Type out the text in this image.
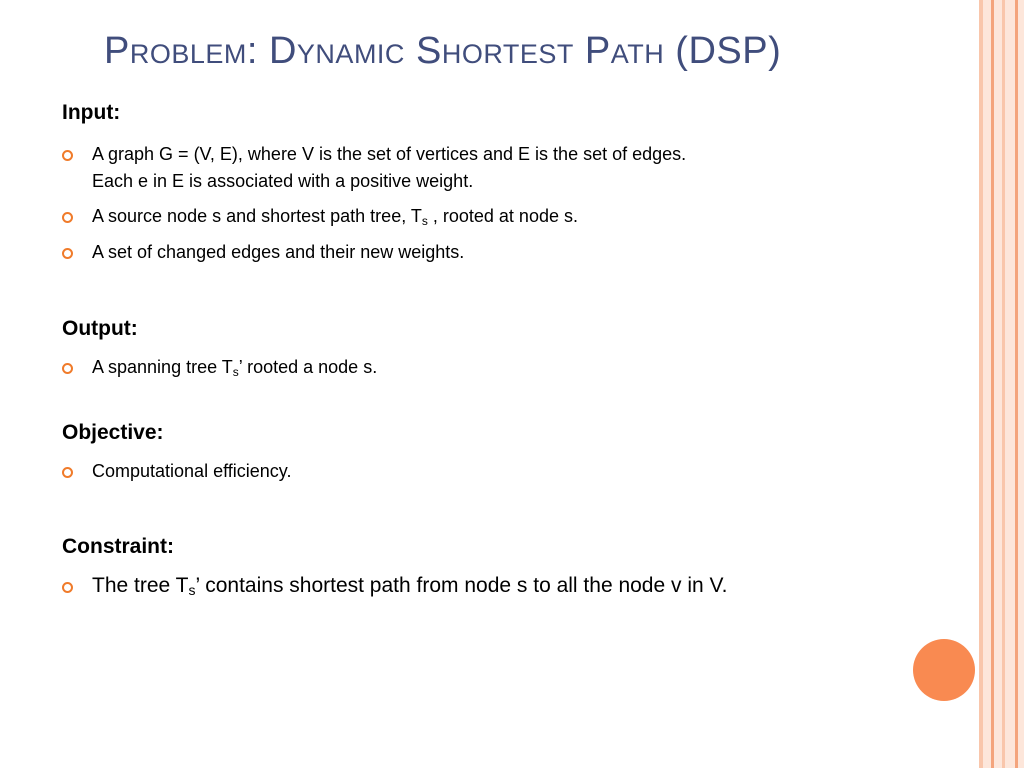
Problem: Dynamic Shortest Path (DSP)
Input:
A graph G = (V, E), where V is the set of vertices and E is the set of edges.
Each e in E is associated with a positive weight.
A source node s and shortest path tree, $T_s$ , rooted at node s.
A set of changed edges and their new weights.
Output:
A spanning tree $T_s$’ rooted a node s.
Objective:
Computational efficiency.
Constraint:
The tree $T_s$’ contains shortest path from node s to all the node v in V.
